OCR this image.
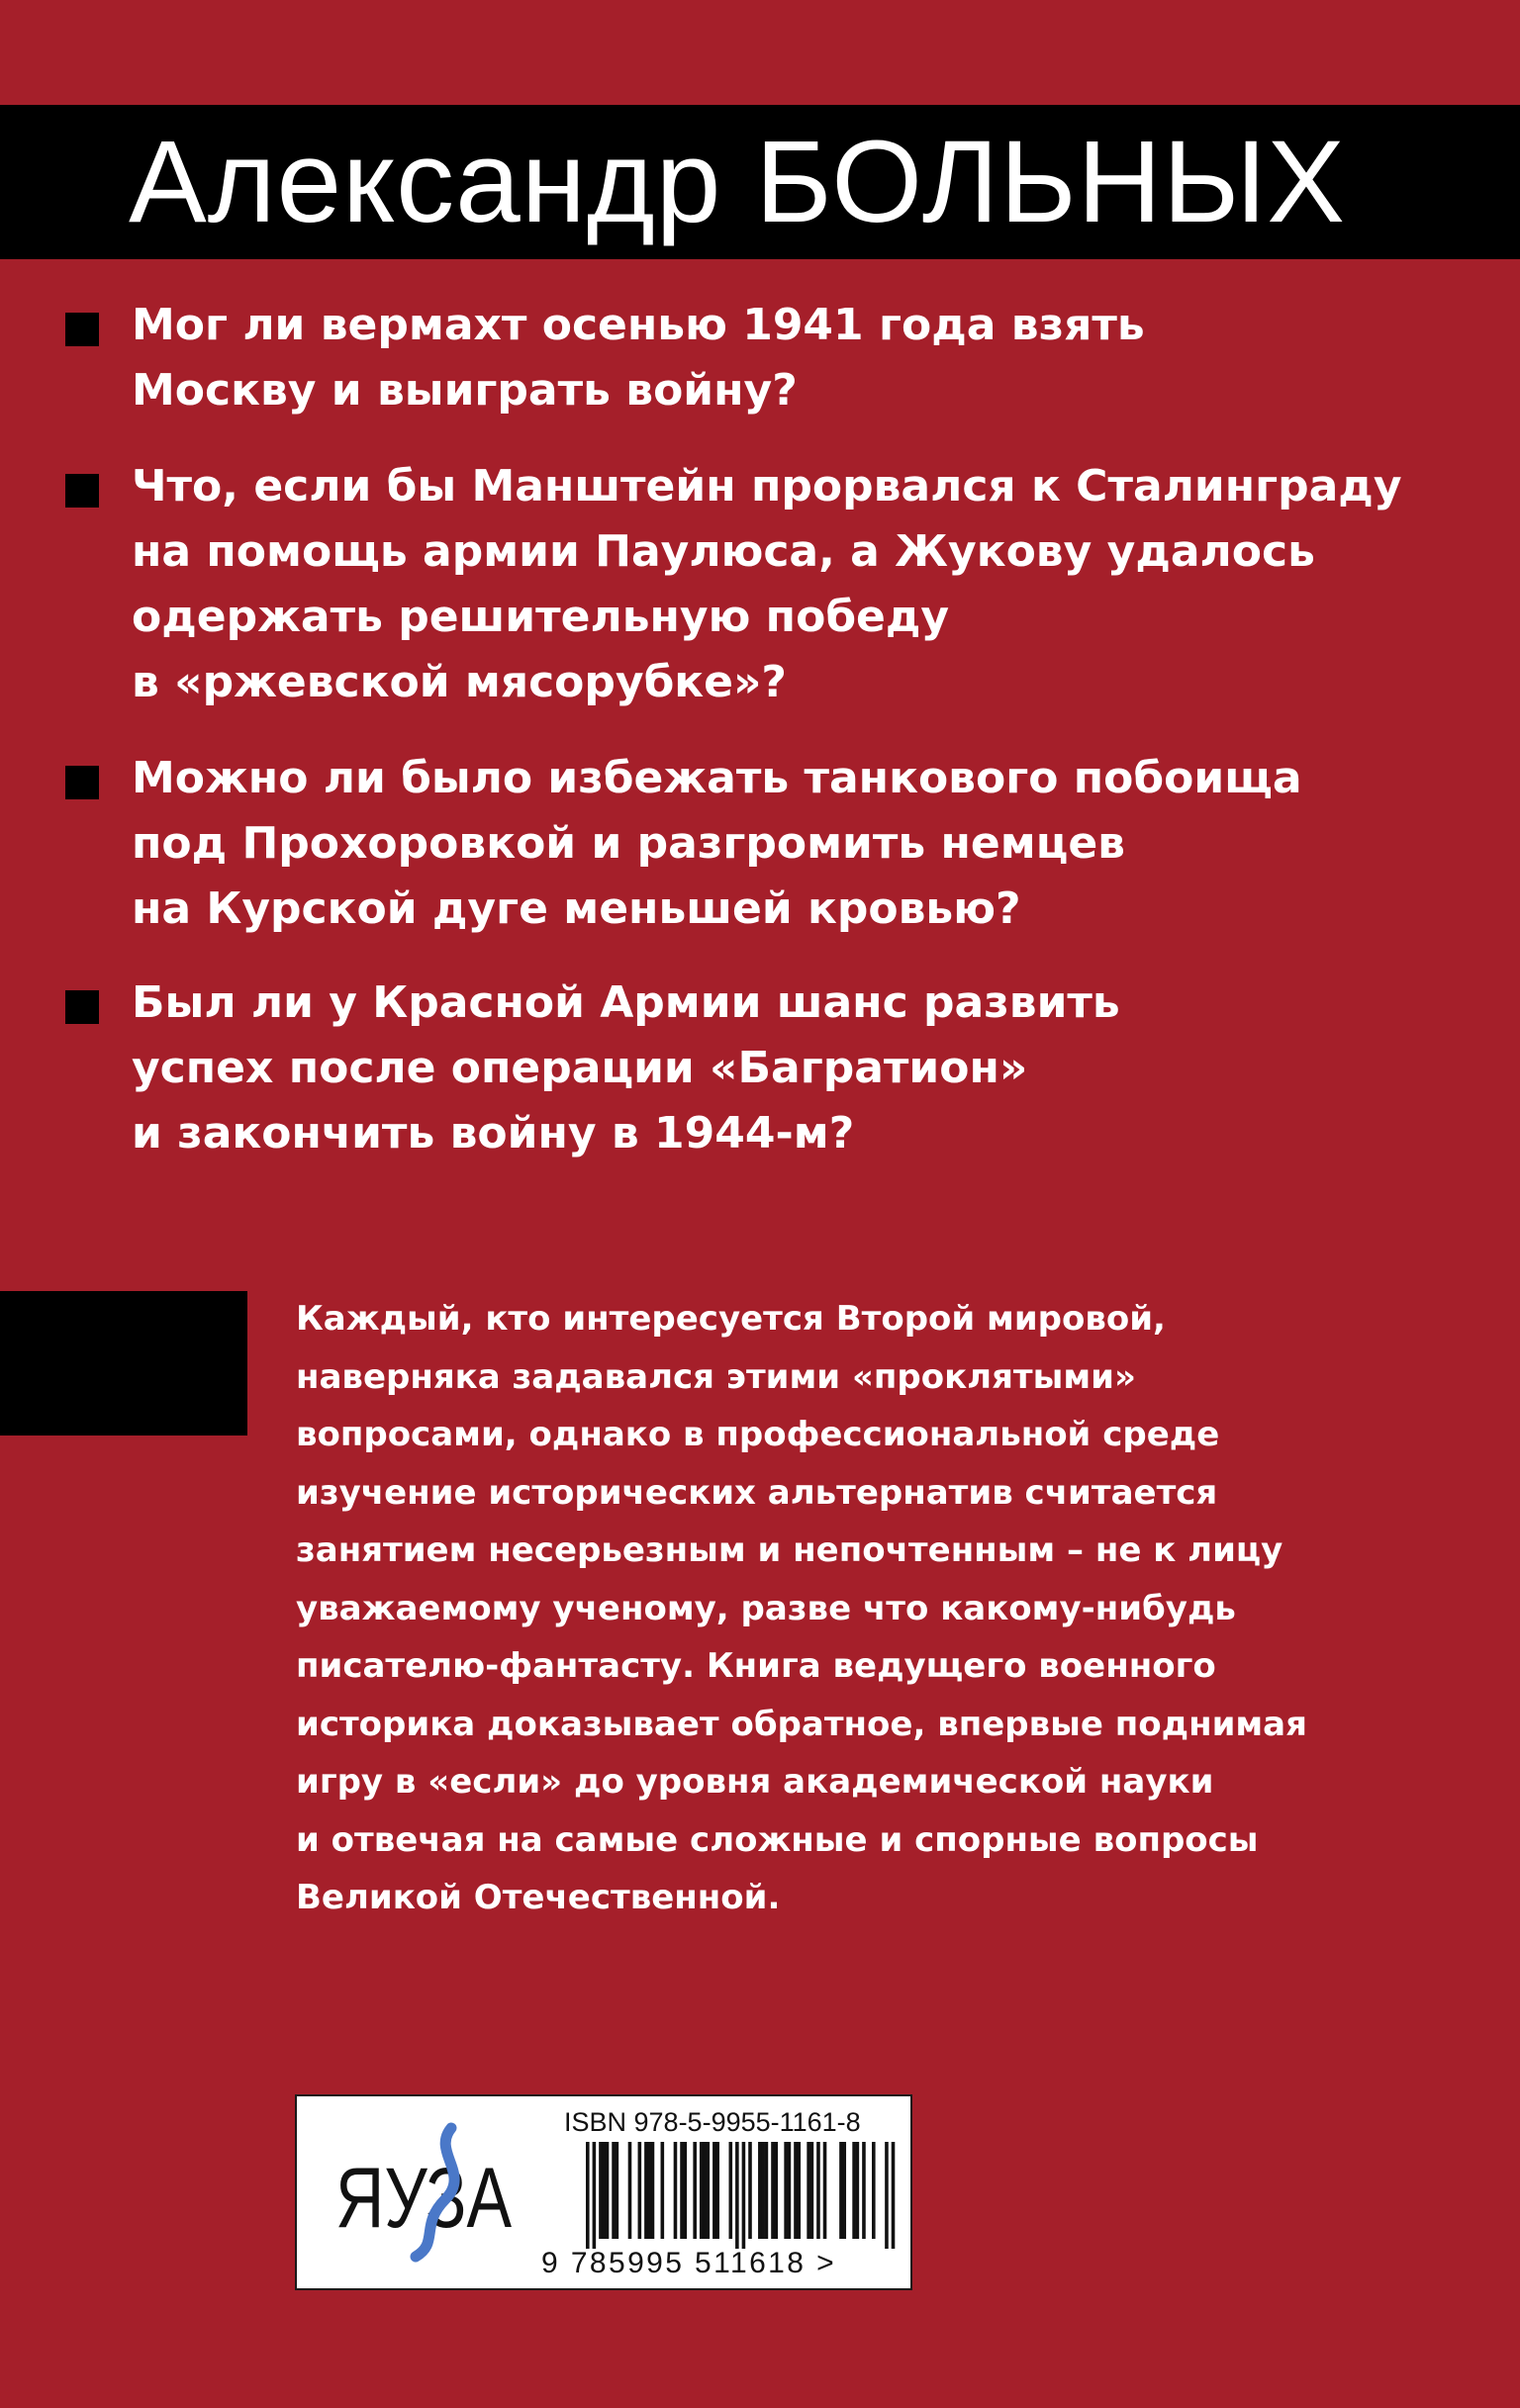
Александр БОЛЬНЫХ

Мог ли вермахт осенью 1941 года взять
Москву и выиграть войну?

Что, если бы Манштейн прорвался к Сталинграду
на помощь армии Паулюса, а Жукову удалось
одержать решительную победу
в «ржевской мясорубке»?

Можно ли было избежать танкового побоища
под Прохоровкой и разгромить немцев
на Курской дуге меньшей кровью?

Был ли у Красной Армии шанс развить
успех после операции «Багратион»
и закончить войну в 1944-м?

Каждый, кто интересуется Второй мировой,
наверняка задавался этими «проклятыми»
вопросами, однако в профессиональной среде
изучение исторических альтернатив считается
занятием несерьезным и непочтенным – не к лицу
уважаемому ученому, разве что какому-нибудь
писателю-фантасту. Книга ведущего военного
историка доказывает обратное, впервые поднимая
игру в «если» до уровня академической науки
и отвечая на самые сложные и спорные вопросы
Великой Отечественной.

ЯУЗА

ISBN 978-5-9955-1161-8

9 785995 511618 >
